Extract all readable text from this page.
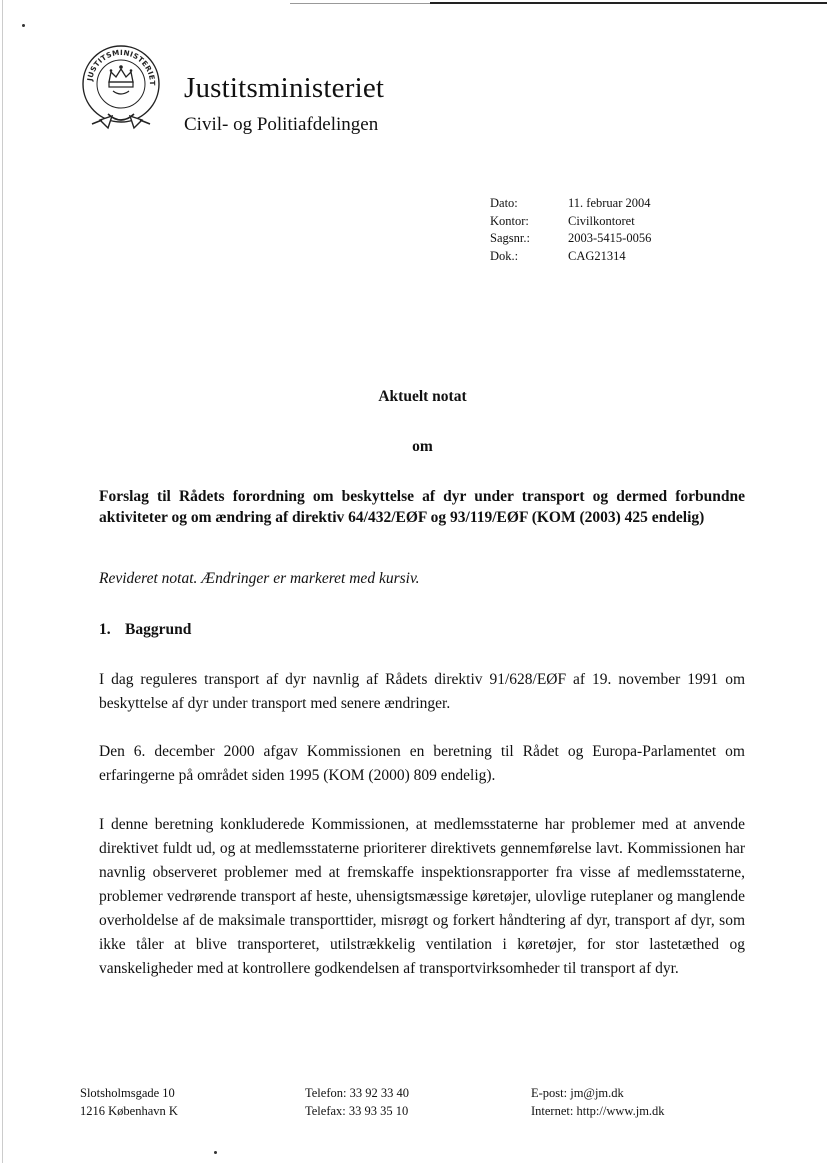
JUSTITSMINISTERIET Justitsministeriet
Civil- og Politiafdelingen
Dato:	11. februar 2004
Kontor:	Civilkontoret
Sagsnr.:	2003-5415-0056
Dok.:	CAG21314
Aktuelt notat
om
Forslag til Rådets forordning om beskyttelse af dyr under transport og dermed forbundne aktiviteter og om ændring af direktiv 64/432/EØF og 93/119/EØF (KOM (2003) 425 endelig)
Revideret notat. Ændringer er markeret med kursiv.
1. Baggrund

I dag reguleres transport af dyr navnlig af Rådets direktiv 91/628/EØF af 19. november 1991 om beskyttelse af dyr under transport med senere ændringer.

Den 6. december 2000 afgav Kommissionen en beretning til Rådet og Europa-Parlamentet om erfaringerne på området siden 1995 (KOM (2000) 809 endelig).

I denne beretning konkluderede Kommissionen, at medlemsstaterne har problemer med at anvende direktivet fuldt ud, og at medlemsstaterne prioriterer direktivets gennemførelse lavt. Kommissionen har navnlig observeret problemer med at fremskaffe inspektionsrapporter fra visse af medlemsstaterne, problemer vedrørende transport af heste, uhensigtsmæssige køretøjer, ulovlige ruteplaner og manglende overholdelse af de maksimale transporttider, misrøgt og forkert håndtering af dyr, transport af dyr, som ikke tåler at blive transporteret, utilstrækkelig ventilation i køretøjer, for stor lastetæthed og vanskeligheder med at kontrollere godkendelsen af transportvirksomheder til transport af dyr.

Slotsholmsgade 10
1216 København K
Telefon: 33 92 33 40
Telefax: 33 93 35 10
E-post: jm@jm.dk
Internet: http://www.jm.dk
